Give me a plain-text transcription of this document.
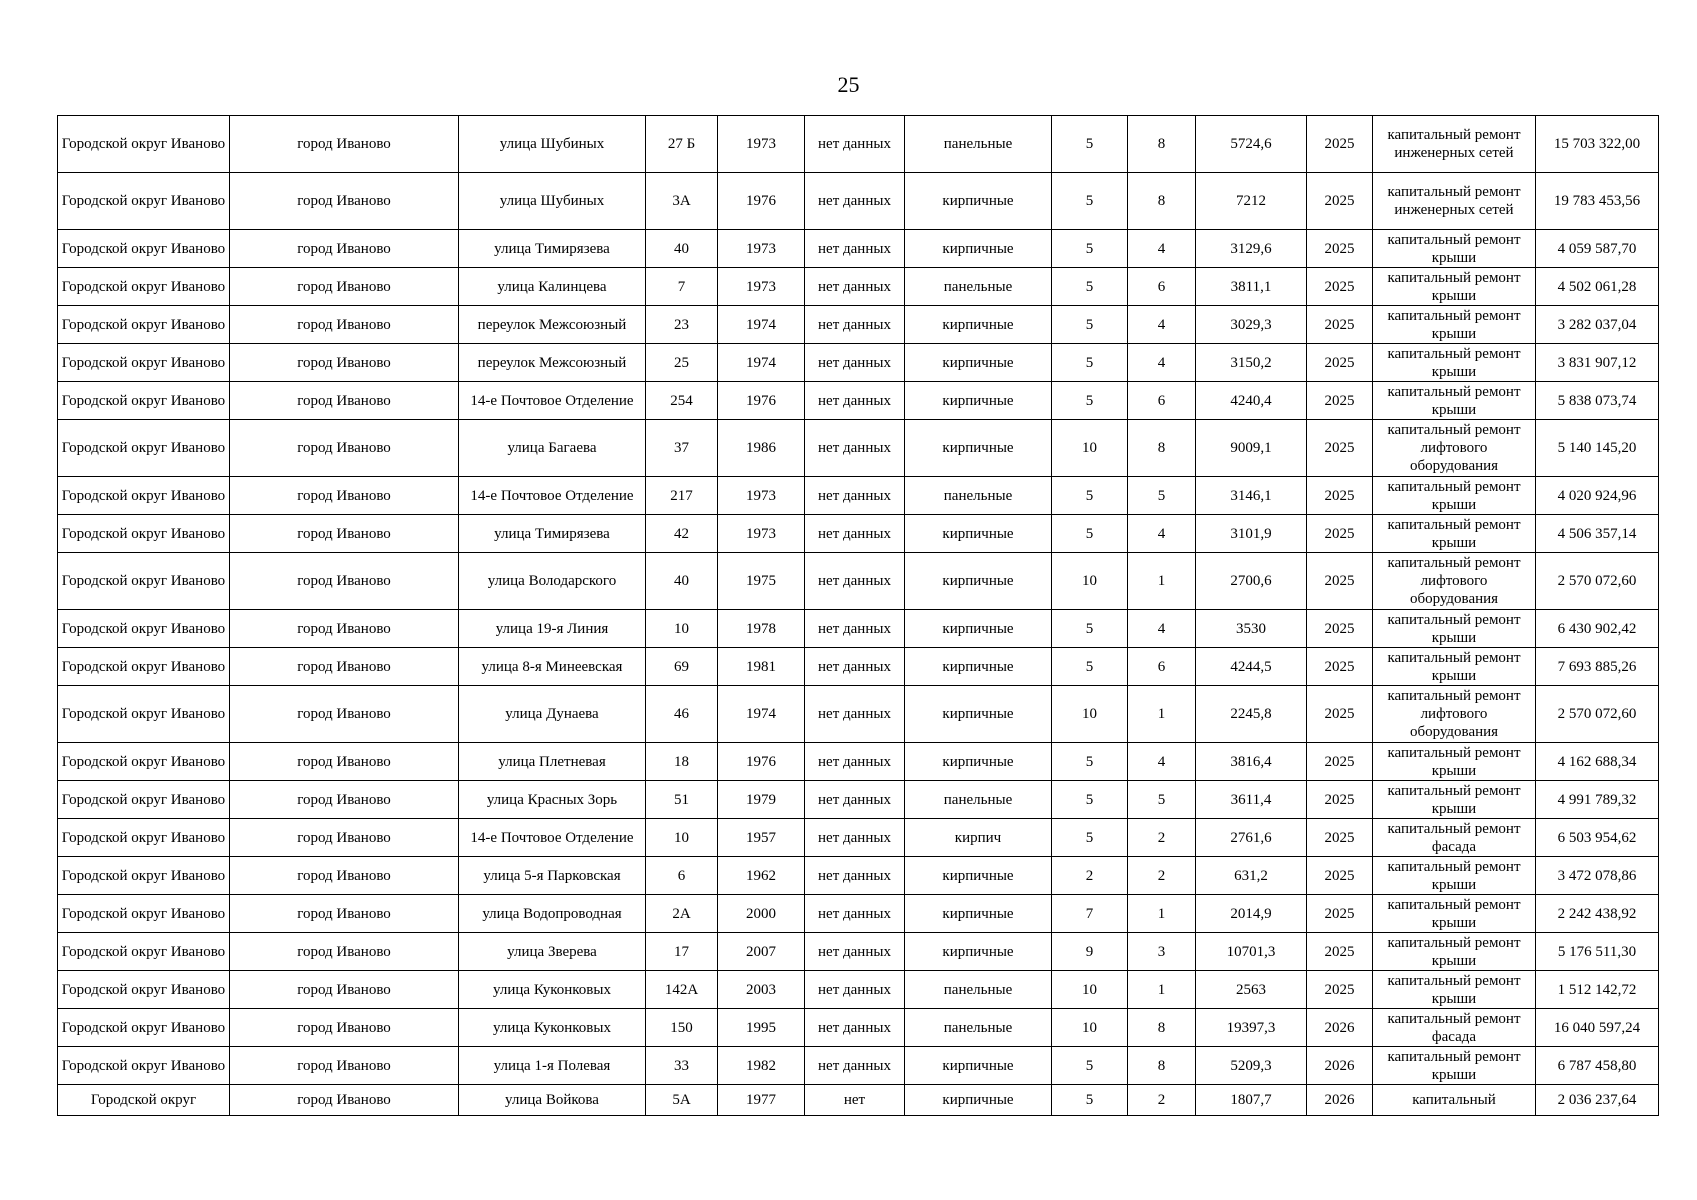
25
Городской округ Иваново	город Иваново	улица Шубиных	27 Б	1973	нет данных	панельные	5	8	5724,6	2025	капитальный ремонт инженерных сетей	15 703 322,00
Городской округ Иваново	город Иваново	улица Шубиных	3А	1976	нет данных	кирпичные	5	8	7212	2025	капитальный ремонт инженерных сетей	19 783 453,56
Городской округ Иваново	город Иваново	улица Тимирязева	40	1973	нет данных	кирпичные	5	4	3129,6	2025	капитальный ремонт крыши	4 059 587,70
Городской округ Иваново	город Иваново	улица Калинцева	7	1973	нет данных	панельные	5	6	3811,1	2025	капитальный ремонт крыши	4 502 061,28
Городской округ Иваново	город Иваново	переулок Межсоюзный	23	1974	нет данных	кирпичные	5	4	3029,3	2025	капитальный ремонт крыши	3 282 037,04
Городской округ Иваново	город Иваново	переулок Межсоюзный	25	1974	нет данных	кирпичные	5	4	3150,2	2025	капитальный ремонт крыши	3 831 907,12
Городской округ Иваново	город Иваново	14-е Почтовое Отделение	254	1976	нет данных	кирпичные	5	6	4240,4	2025	капитальный ремонт крыши	5 838 073,74
Городской округ Иваново	город Иваново	улица Багаева	37	1986	нет данных	кирпичные	10	8	9009,1	2025	капитальный ремонт лифтового оборудования	5 140 145,20
Городской округ Иваново	город Иваново	14-е Почтовое Отделение	217	1973	нет данных	панельные	5	5	3146,1	2025	капитальный ремонт крыши	4 020 924,96
Городской округ Иваново	город Иваново	улица Тимирязева	42	1973	нет данных	кирпичные	5	4	3101,9	2025	капитальный ремонт крыши	4 506 357,14
Городской округ Иваново	город Иваново	улица Володарского	40	1975	нет данных	кирпичные	10	1	2700,6	2025	капитальный ремонт лифтового оборудования	2 570 072,60
Городской округ Иваново	город Иваново	улица 19-я Линия	10	1978	нет данных	кирпичные	5	4	3530	2025	капитальный ремонт крыши	6 430 902,42
Городской округ Иваново	город Иваново	улица 8-я Минеевская	69	1981	нет данных	кирпичные	5	6	4244,5	2025	капитальный ремонт крыши	7 693 885,26
Городской округ Иваново	город Иваново	улица Дунаева	46	1974	нет данных	кирпичные	10	1	2245,8	2025	капитальный ремонт лифтового оборудования	2 570 072,60
Городской округ Иваново	город Иваново	улица Плетневая	18	1976	нет данных	кирпичные	5	4	3816,4	2025	капитальный ремонт крыши	4 162 688,34
Городской округ Иваново	город Иваново	улица Красных Зорь	51	1979	нет данных	панельные	5	5	3611,4	2025	капитальный ремонт крыши	4 991 789,32
Городской округ Иваново	город Иваново	14-е Почтовое Отделение	10	1957	нет данных	кирпич	5	2	2761,6	2025	капитальный ремонт фасада	6 503 954,62
Городской округ Иваново	город Иваново	улица 5-я Парковская	6	1962	нет данных	кирпичные	2	2	631,2	2025	капитальный ремонт крыши	3 472 078,86
Городской округ Иваново	город Иваново	улица Водопроводная	2А	2000	нет данных	кирпичные	7	1	2014,9	2025	капитальный ремонт крыши	2 242 438,92
Городской округ Иваново	город Иваново	улица Зверева	17	2007	нет данных	кирпичные	9	3	10701,3	2025	капитальный ремонт крыши	5 176 511,30
Городской округ Иваново	город Иваново	улица Куконковых	142А	2003	нет данных	панельные	10	1	2563	2025	капитальный ремонт крыши	1 512 142,72
Городской округ Иваново	город Иваново	улица Куконковых	150	1995	нет данных	панельные	10	8	19397,3	2026	капитальный ремонт фасада	16 040 597,24
Городской округ Иваново	город Иваново	улица 1-я Полевая	33	1982	нет данных	кирпичные	5	8	5209,3	2026	капитальный ремонт крыши	6 787 458,80
Городской округ	город Иваново	улица Войкова	5А	1977	нет	кирпичные	5	2	1807,7	2026	капитальный	2 036 237,64
